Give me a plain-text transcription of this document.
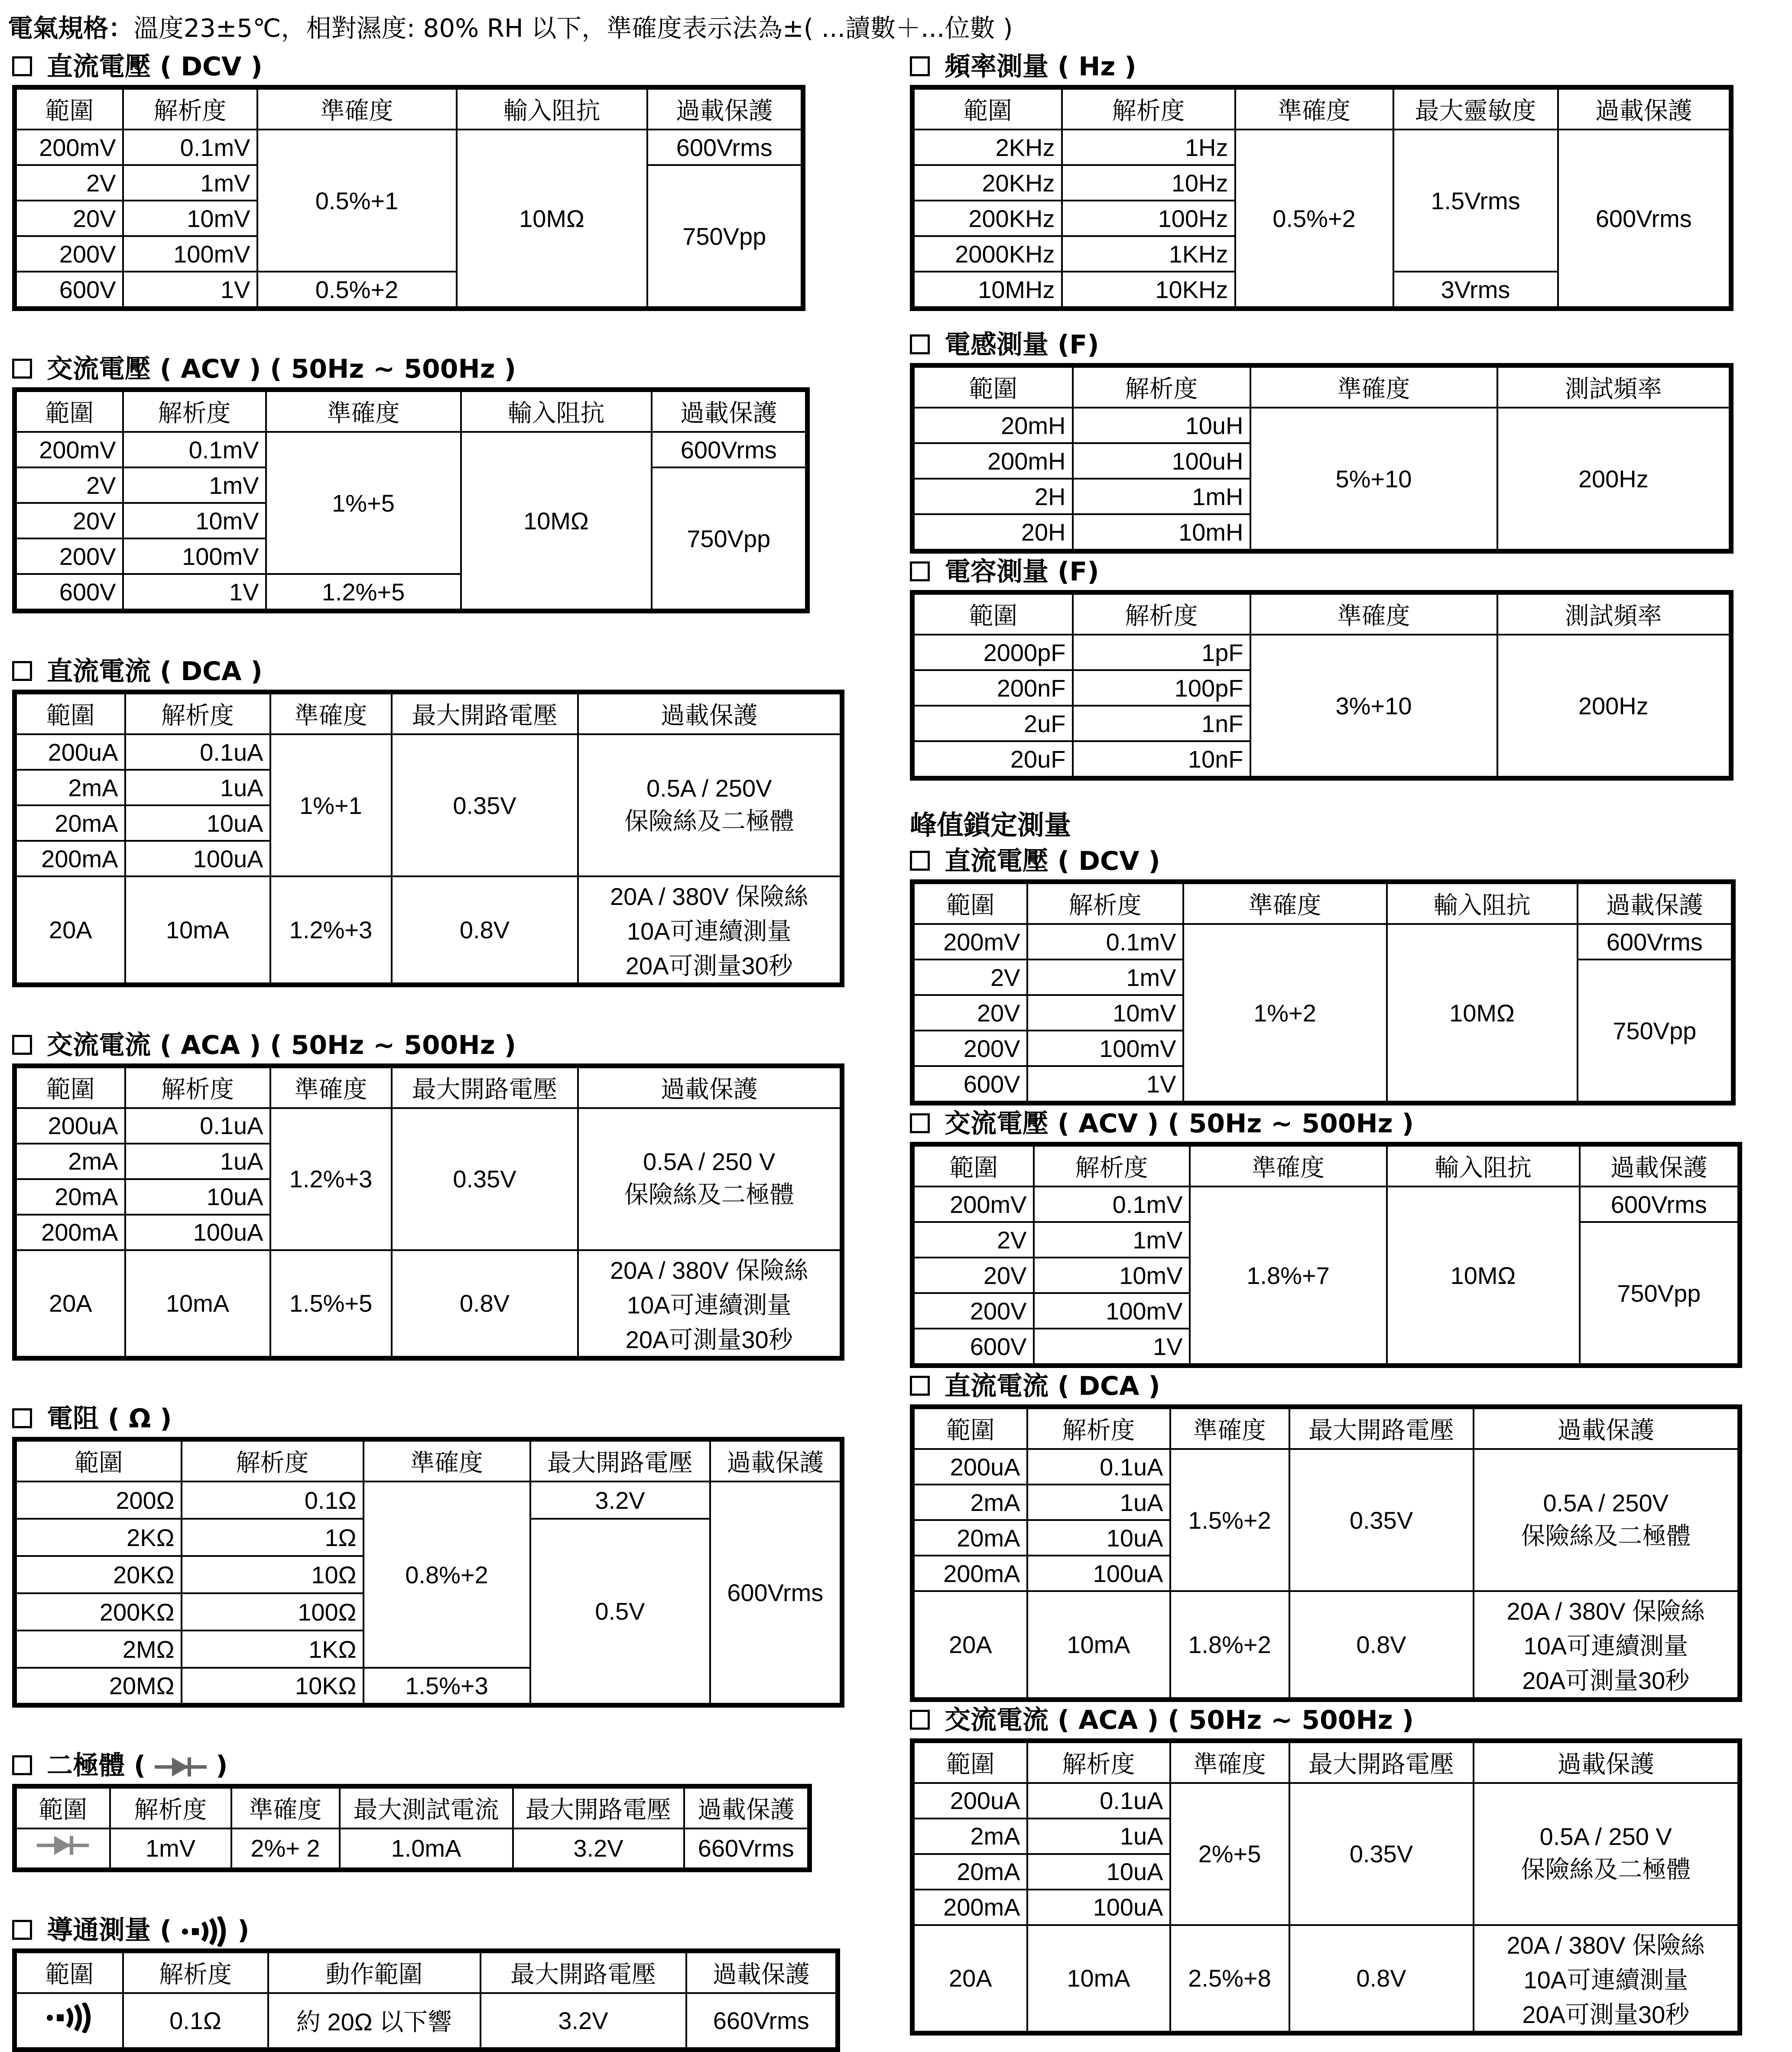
電氣規格：溫度23±5℃，相對濕度: 80% RH 以下，準確度表示法為±( ...讀數＋...位數 )
直流電壓 ( DCV )
範圍	解析度	準確度	輸入阻抗	過載保護
200mV	0.1mV	0.5%+1	10MΩ	600Vrms
2V	1mV			750Vpp
20V	10mV			
200V	100mV			
600V	1V	0.5%+2		
交流電壓 ( ACV ) ( 50Hz ~ 500Hz )
範圍	解析度	準確度	輸入阻抗	過載保護
200mV	0.1mV	1%+5	10MΩ	600Vrms
2V	1mV			750Vpp
20V	10mV			
200V	100mV			
600V	1V	1.2%+5		
直流電流 ( DCA )
範圍	解析度	準確度	最大開路電壓	過載保護
200uA	0.1uA	1%+1	0.35V	0.5A / 250V
保險絲及二極體

2mA	1uA			
20mA	10uA			
200mA	100uA			
20A	10mA	1.2%+3	0.8V	20A / 380V 保險絲
10A可連續測量
20A可測量30秒
交流電流 ( ACA ) ( 50Hz ~ 500Hz )
範圍	解析度	準確度	最大開路電壓	過載保護
200uA	0.1uA	1.2%+3	0.35V	0.5A / 250 V
保險絲及二極體

2mA	1uA			
20mA	10uA			
200mA	100uA			
20A	10mA	1.5%+5	0.8V	20A / 380V 保險絲
10A可連續測量
20A可測量30秒
電阻 ( Ω )
範圍	解析度	準確度	最大開路電壓	過載保護
200Ω	0.1Ω	0.8%+2	3.2V	600Vrms
2KΩ	1Ω		0.5V	
20KΩ	10Ω			
200KΩ	100Ω			
2MΩ	1KΩ			
20MΩ	10KΩ	1.5%+3		
二極體 (	)
範圍	解析度	準確度	最大測試電流	最大開路電壓	過載保護
	1mV	2%+ 2	1.0mA	3.2V	660Vrms
導通測量 (	)
範圍	解析度	動作範圍	最大開路電壓	過載保護
	0.1Ω	約 20Ω 以下響	3.2V	660Vrms
頻率測量 ( Hz )
範圍	解析度	準確度	最大靈敏度	過載保護
2KHz	1Hz	0.5%+2	1.5Vrms	600Vrms
20KHz	10Hz			
200KHz	100Hz			
2000KHz	1KHz			
10MHz	10KHz		3Vrms	
電感測量 (F)
範圍	解析度	準確度	測試頻率
20mH	10uH	5%+10	200Hz
200mH	100uH		
2H	1mH		
20H	10mH		
電容測量 (F)
範圍	解析度	準確度	測試頻率
2000pF	1pF	3%+10	200Hz
200nF	100pF		
2uF	1nF		
20uF	10nF		
峰值鎖定測量
直流電壓 ( DCV )
範圍	解析度	準確度	輸入阻抗	過載保護
200mV	0.1mV	1%+2	10MΩ	600Vrms
2V	1mV			750Vpp
20V	10mV			
200V	100mV			
600V	1V			
交流電壓 ( ACV ) ( 50Hz ~ 500Hz )
範圍	解析度	準確度	輸入阻抗	過載保護
200mV	0.1mV	1.8%+7	10MΩ	600Vrms
2V	1mV			750Vpp
20V	10mV			
200V	100mV			
600V	1V			
直流電流 ( DCA )
範圍	解析度	準確度	最大開路電壓	過載保護
200uA	0.1uA	1.5%+2	0.35V	0.5A / 250V
保險絲及二極體

2mA	1uA			
20mA	10uA			
200mA	100uA			
20A	10mA	1.8%+2	0.8V	20A / 380V 保險絲
10A可連續測量
20A可測量30秒
交流電流 ( ACA ) ( 50Hz ~ 500Hz )
範圍	解析度	準確度	最大開路電壓	過載保護
200uA	0.1uA	2%+5	0.35V	0.5A / 250 V
保險絲及二極體

2mA	1uA			
20mA	10uA			
200mA	100uA			
20A	10mA	2.5%+8	0.8V	20A / 380V 保險絲
10A可連續測量
20A可測量30秒
